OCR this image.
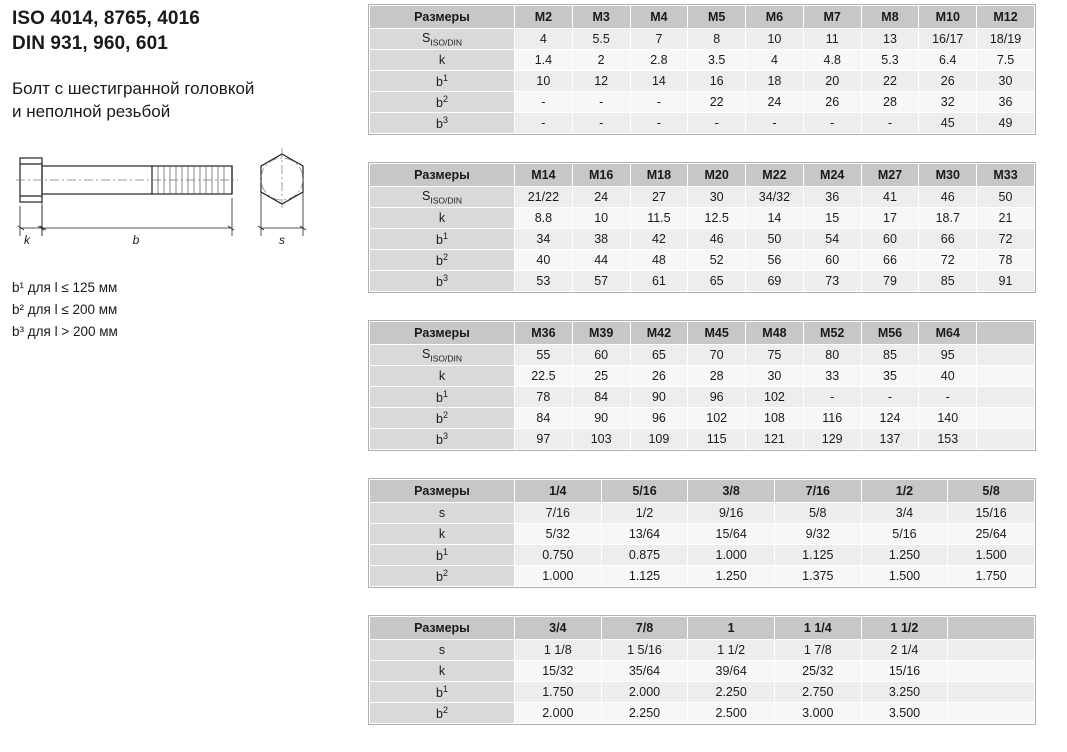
ISO 4014, 8765, 4016
DIN 931, 960, 601
Болт с шестигранной головкой
и неполной резьбой
k	b	s
b¹ для l ≤ 125 мм
b² для l ≤ 200 мм
b³ для l > 200 мм
Размеры	M2	M3	M4	M5	M6	M7	M8	M10	M12
$S_{ISO/DIN}$	4	5.5	7	8	10	11	13	16/17	18/19
k	1.4	2	2.8	3.5	4	4.8	5.3	6.4	7.5
$b^1$	10	12	14	16	18	20	22	26	30
$b^2$	-	-	-	22	24	26	28	32	36
$b^3$	-	-	-	-	-	-	-	45	49

Размеры	M14	M16	M18	M20	M22	M24	M27	M30	M33
$S_{ISO/DIN}$	21/22	24	27	30	34/32	36	41	46	50
k	8.8	10	11.5	12.5	14	15	17	18.7	21
$b^1$	34	38	42	46	50	54	60	66	72
$b^2$	40	44	48	52	56	60	66	72	78
$b^3$	53	57	61	65	69	73	79	85	91

Размеры	M36	M39	M42	M45	M48	M52	M56	M64	
$S_{ISO/DIN}$	55	60	65	70	75	80	85	95	
k	22.5	25	26	28	30	33	35	40	
$b^1$	78	84	90	96	102	-	-	-	
$b^2$	84	90	96	102	108	116	124	140	
$b^3$	97	103	109	115	121	129	137	153	

Размеры	1/4	5/16	3/8	7/16	1/2	5/8
s	7/16	1/2	9/16	5/8	3/4	15/16
k	5/32	13/64	15/64	9/32	5/16	25/64
$b^1$	0.750	0.875	1.000	1.125	1.250	1.500
$b^2$	1.000	1.125	1.250	1.375	1.500	1.750

Размеры	3/4	7/8	1	1 1/4	1 1/2	
s	1 1/8	1 5/16	1 1/2	1 7/8	2 1/4	
k	15/32	35/64	39/64	25/32	15/16	
$b^1$	1.750	2.000	2.250	2.750	3.250	
$b^2$	2.000	2.250	2.500	3.000	3.500	
